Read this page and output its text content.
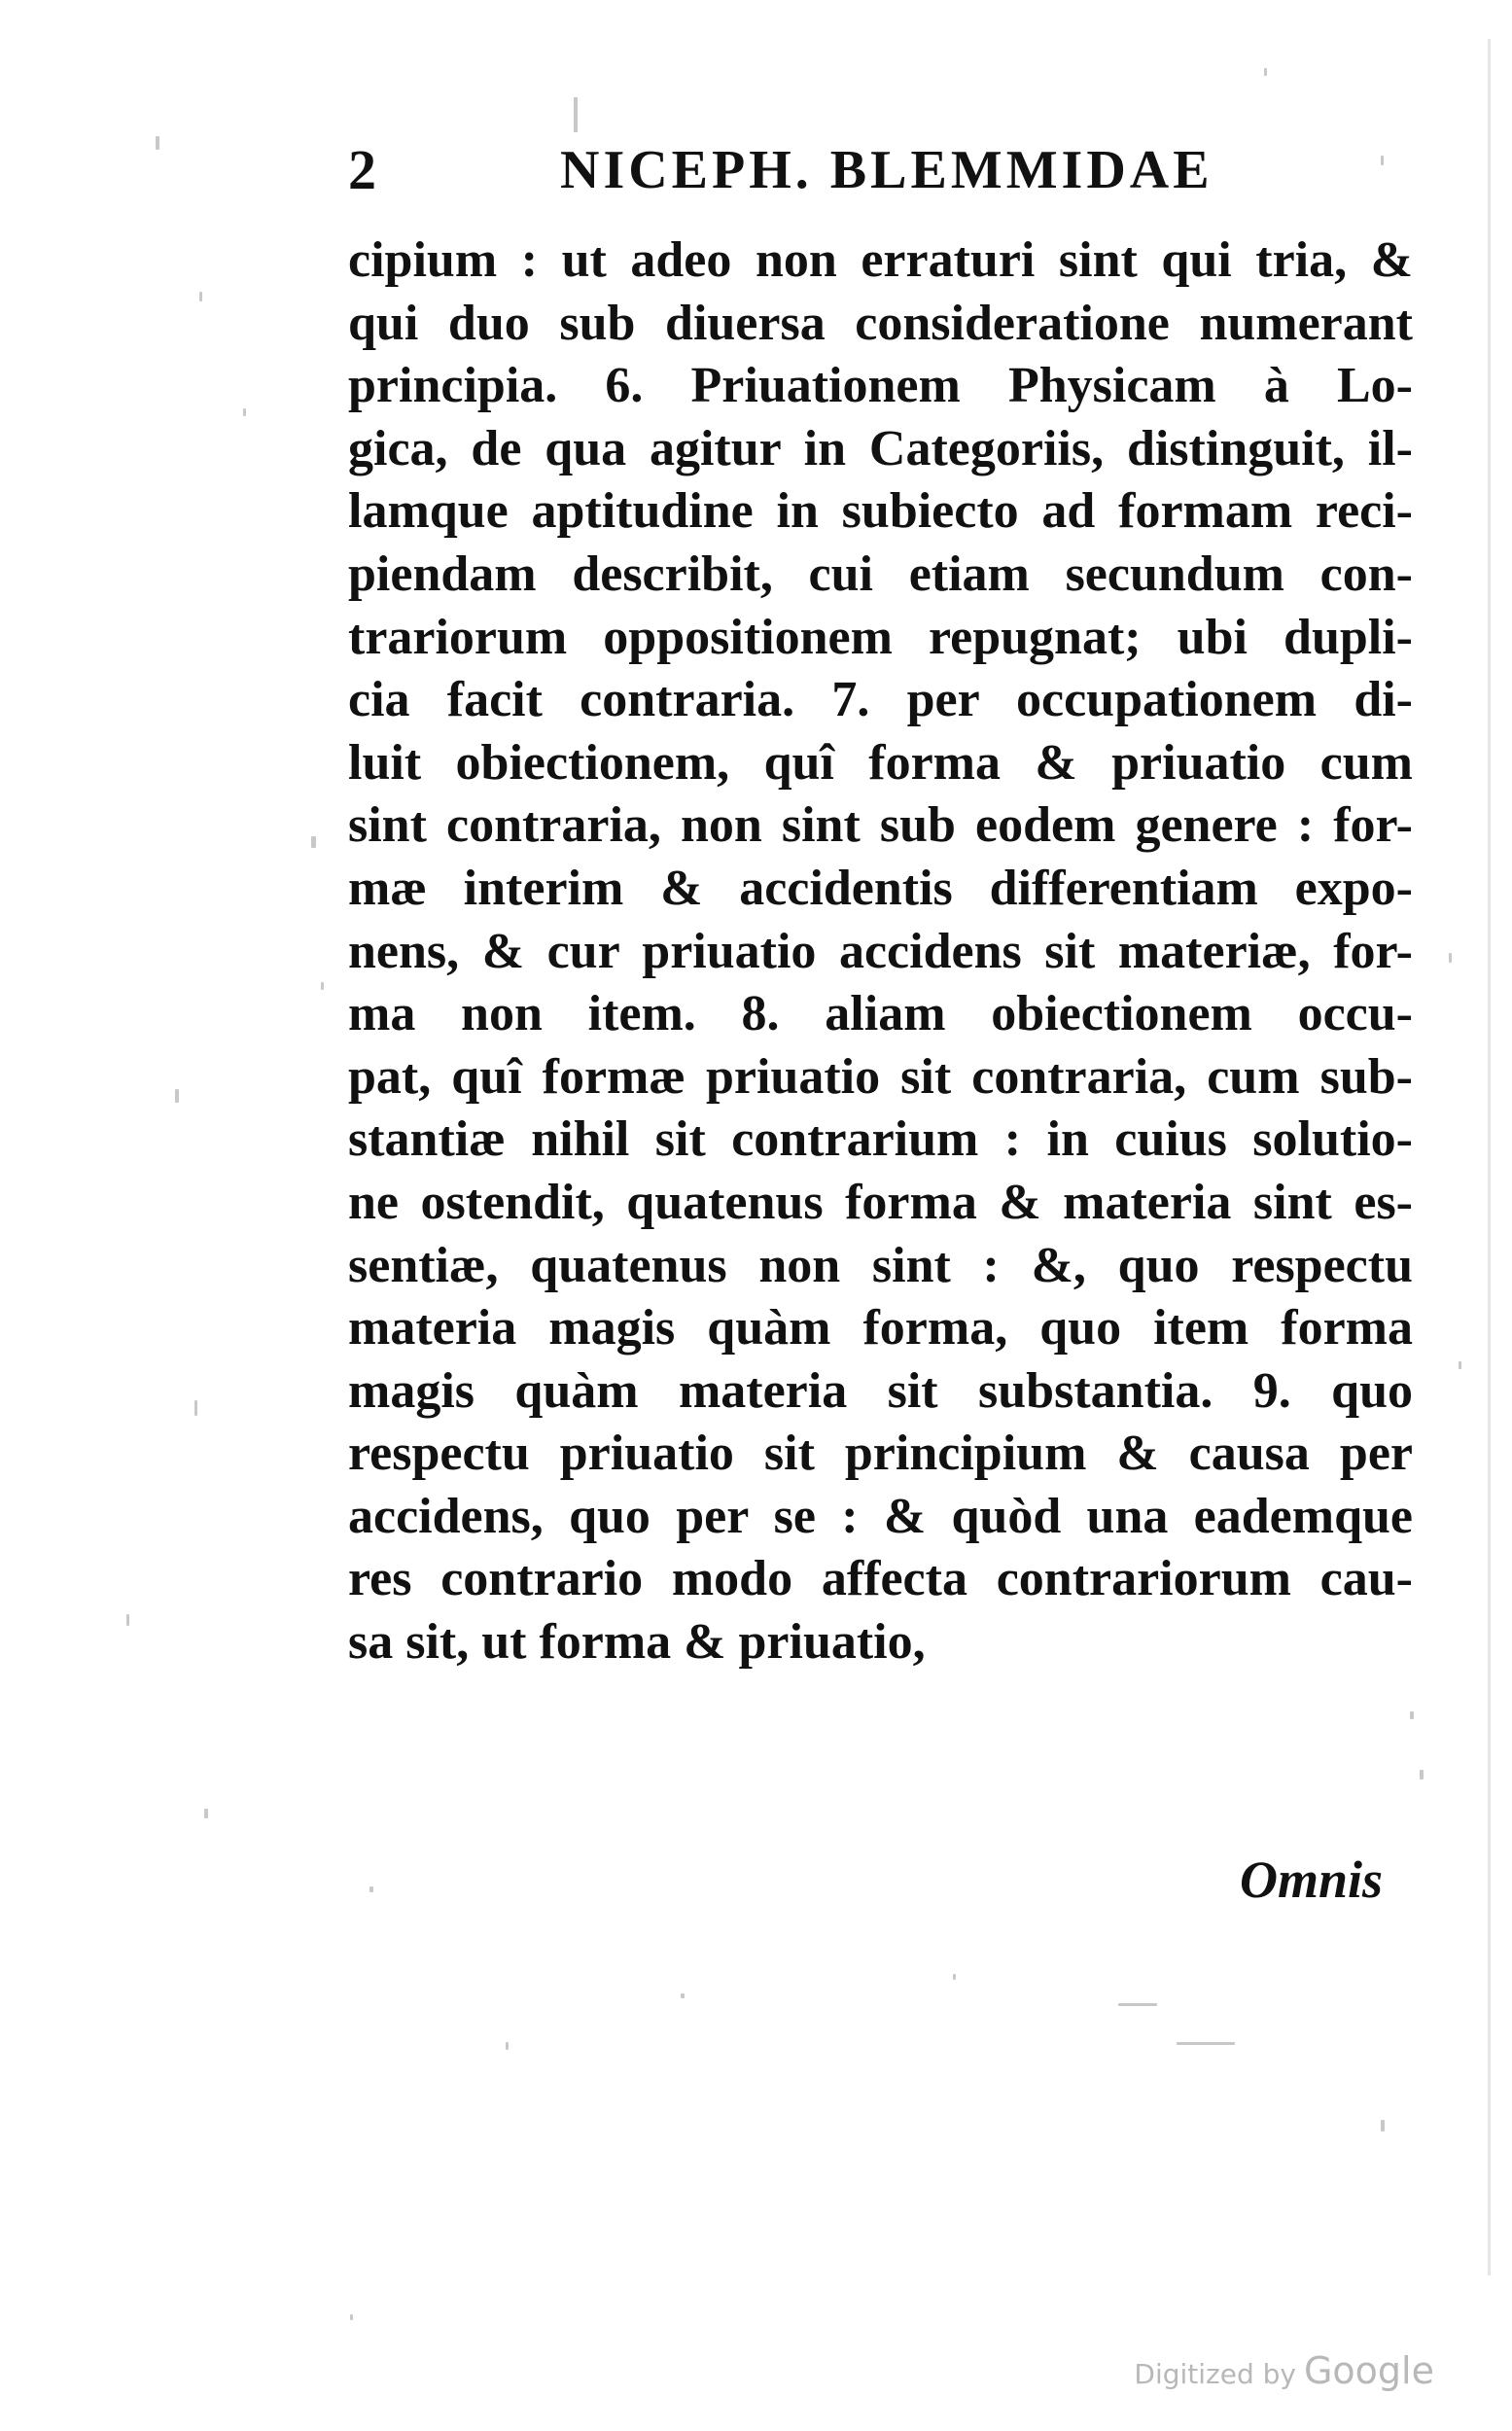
2	NICEPH. BLEMMIDAE
cipium : ut adeo non erraturi sint qui tria, &
qui duo sub diuersa consideratione numerant
principia. 6. Priuationem Physicam à Lo-
gica, de qua agitur in Categoriis, distinguit, il-
lamque aptitudine in subiecto ad formam reci-
piendam describit, cui etiam secundum con-
trariorum oppositionem repugnat; ubi dupli-
cia facit contraria. 7. per occupationem di-
luit obiectionem, quî forma & priuatio cum
sint contraria, non sint sub eodem genere : for-
mæ interim & accidentis differentiam expo-
nens, & cur priuatio accidens sit materiæ, for-
ma non item. 8. aliam obiectionem occu-
pat, quî formæ priuatio sit contraria, cum sub-
stantiæ nihil sit contrarium : in cuius solutio-
ne ostendit, quatenus forma & materia sint es-
sentiæ, quatenus non sint : &, quo respectu
materia magis quàm forma, quo item forma
magis quàm materia sit substantia. 9. quo
respectu priuatio sit principium & causa per
accidens, quo per se : & quòd una eademque
res contrario modo affecta contrariorum cau-
sa sit, ut forma & priuatio,
Omnis
Digitized by Google
